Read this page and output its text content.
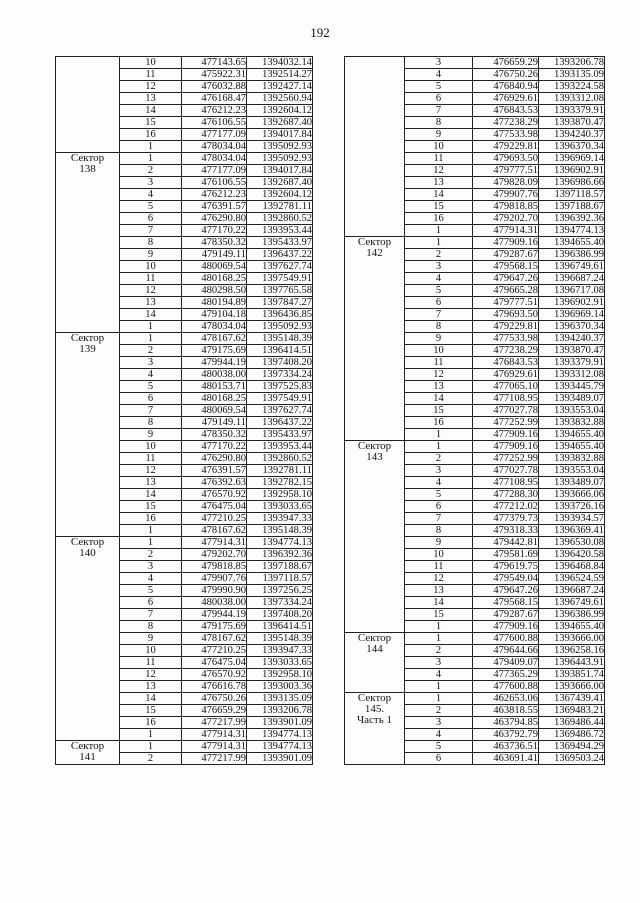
192
	10	477143.65	1394032.14
	11	475922.31	1392514.27
	12	476032.88	1392427.14
	13	476168.47	1392560.94
	14	476212.23	1392604.12
	15	476106.55	1392687.40
	16	477177.09	1394017.84
	1	478034.04	1395092.93

Сектор
138	1	478034.04	1395092.93
	2	477177.09	1394017.84
	3	476106.55	1392687.40
	4	476212.23	1392604.12
	5	476391.57	1392781.11
	6	476290.80	1392860.52
	7	477170.22	1393953.44
	8	478350.32	1395433.97
	9	479149.11	1396437.22
	10	480069.54	1397627.74
	11	480168.25	1397549.91
	12	480298.50	1397765.58
	13	480194.89	1397847.27
	14	479104.18	1396436.85
	1	478034.04	1395092.93

Сектор
139	1	478167.62	1395148.39
	2	479175.69	1396414.51
	3	479944.19	1397408.20
	4	480038.00	1397334.24
	5	480153.71	1397525.83
	6	480168.25	1397549.91
	7	480069.54	1397627.74
	8	479149.11	1396437.22
	9	478350.32	1395433.97
	10	477170.22	1393953.44
	11	476290.80	1392860.52
	12	476391.57	1392781.11
	13	476392.63	1392782.15
	14	476570.92	1392958.10
	15	476475.04	1393033.65
	16	477210.25	1393947.33
	1	478167.62	1395148.39

Сектор
140	1	477914.31	1394774.13
	2	479202.70	1396392.36
	3	479818.85	1397188.67
	4	479907.76	1397118.57
	5	479990.90	1397256.25
	6	480038.00	1397334.24
	7	479944.19	1397408.20
	8	479175.69	1396414.51
	9	478167.62	1395148.39
	10	477210.25	1393947.33
	11	476475.04	1393033.65
	12	476570.92	1392958.10
	13	476616.78	1393003.36
	14	476750.26	1393135.09
	15	476659.29	1393206.78
	16	477217.99	1393901.09
	1	477914.31	1394774.13

Сектор
141	1	477914.31	1394774.13
	2	477217.99	1393901.09
	3	476659.29	1393206.78
	4	476750.26	1393135.09
	5	476840.94	1393224.58
	6	476929.61	1393312.08
	7	476843.53	1393379.91
	8	477238.29	1393870.47
	9	477533.98	1394240.37
	10	479229.81	1396370.34
	11	479693.50	1396969.14
	12	479777.51	1396902.91
	13	479828.09	1396986.66
	14	479907.76	1397118.57
	15	479818.85	1397188.67
	16	479202.70	1396392.36
	1	477914.31	1394774.13

Сектор
142	1	477909.16	1394655.40
	2	479287.67	1396386.99
	3	479568.15	1396749.61
	4	479647.26	1396687.24
	5	479665.28	1396717.08
	6	479777.51	1396902.91
	7	479693.50	1396969.14
	8	479229.81	1396370.34
	9	477533.98	1394240.37
	10	477238.29	1393870.47
	11	476843.53	1393379.91
	12	476929.61	1393312.08
	13	477065.10	1393445.79
	14	477108.95	1393489.07
	15	477027.78	1393553.04
	16	477252.99	1393832.88
	1	477909.16	1394655.40

Сектор
143	1	477909.16	1394655.40
	2	477252.99	1393832.88
	3	477027.78	1393553.04
	4	477108.95	1393489.07
	5	477288.30	1393666.06
	6	477212.02	1393726.16
	7	477379.73	1393934.57
	8	479318.33	1396369.41
	9	479442.81	1396530.08
	10	479581.69	1396420.58
	11	479619.75	1396468.84
	12	479549.04	1396524.59
	13	479647.26	1396687.24
	14	479568.15	1396749.61
	15	479287.67	1396386.99
	1	477909.16	1394655.40

Сектор
144	1	477600.88	1393666.00
	2	479644.66	1396258.16
	3	479409.07	1396443.91
	4	477365.29	1393851.74
	1	477600.88	1393666.00

Сектор
145.
Часть 1	1	462653.06	1367439.41
	2	463818.55	1369483.21
	3	463794.85	1369486.44
	4	463792.79	1369486.72
	5	463736.51	1369494.29
	6	463691.41	1369503.24
